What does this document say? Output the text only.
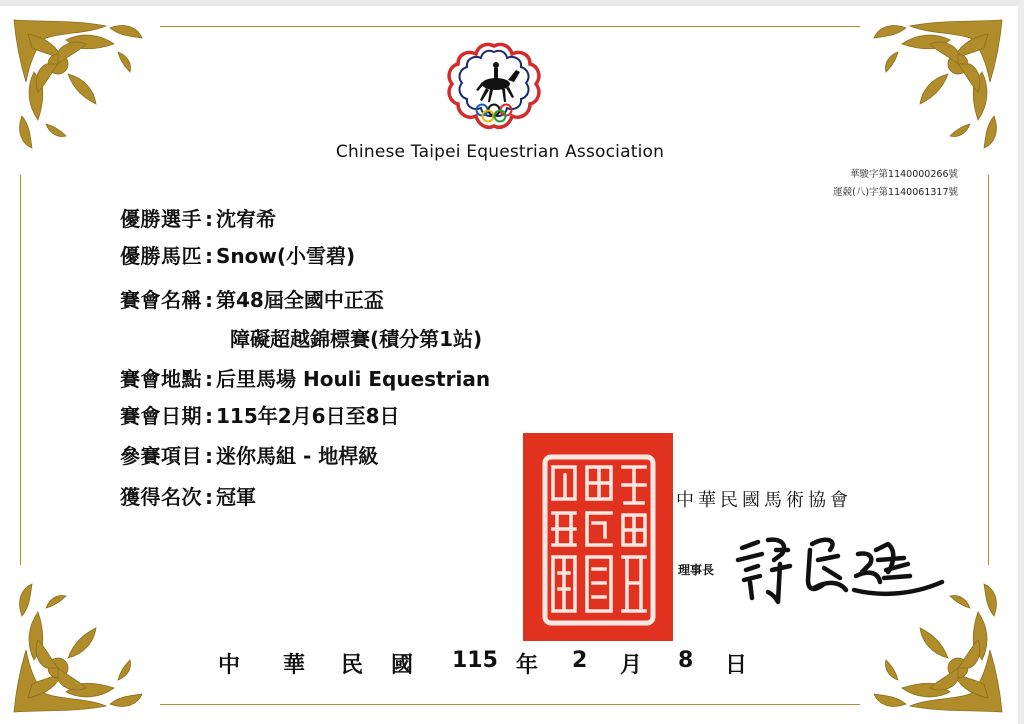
Chinese Taipei Equestrian Association
華駿字第1140000266號
運競(八)字第1140061317號
優勝選手 : 沈宥希
優勝馬匹 : Snow(小雪碧)
賽會名稱 : 第48屆全國中正盃
障礙超越錦標賽(積分第1站)
賽會地點 : 后里馬場 Houli Equestrian
賽會日期 : 115年2月6日至8日
參賽項目 : 迷你馬組 - 地桿級
獲得名次 : 冠軍	中華民國馬術協會
理事長
中 華 民 國 115 年 2 月 8 日
